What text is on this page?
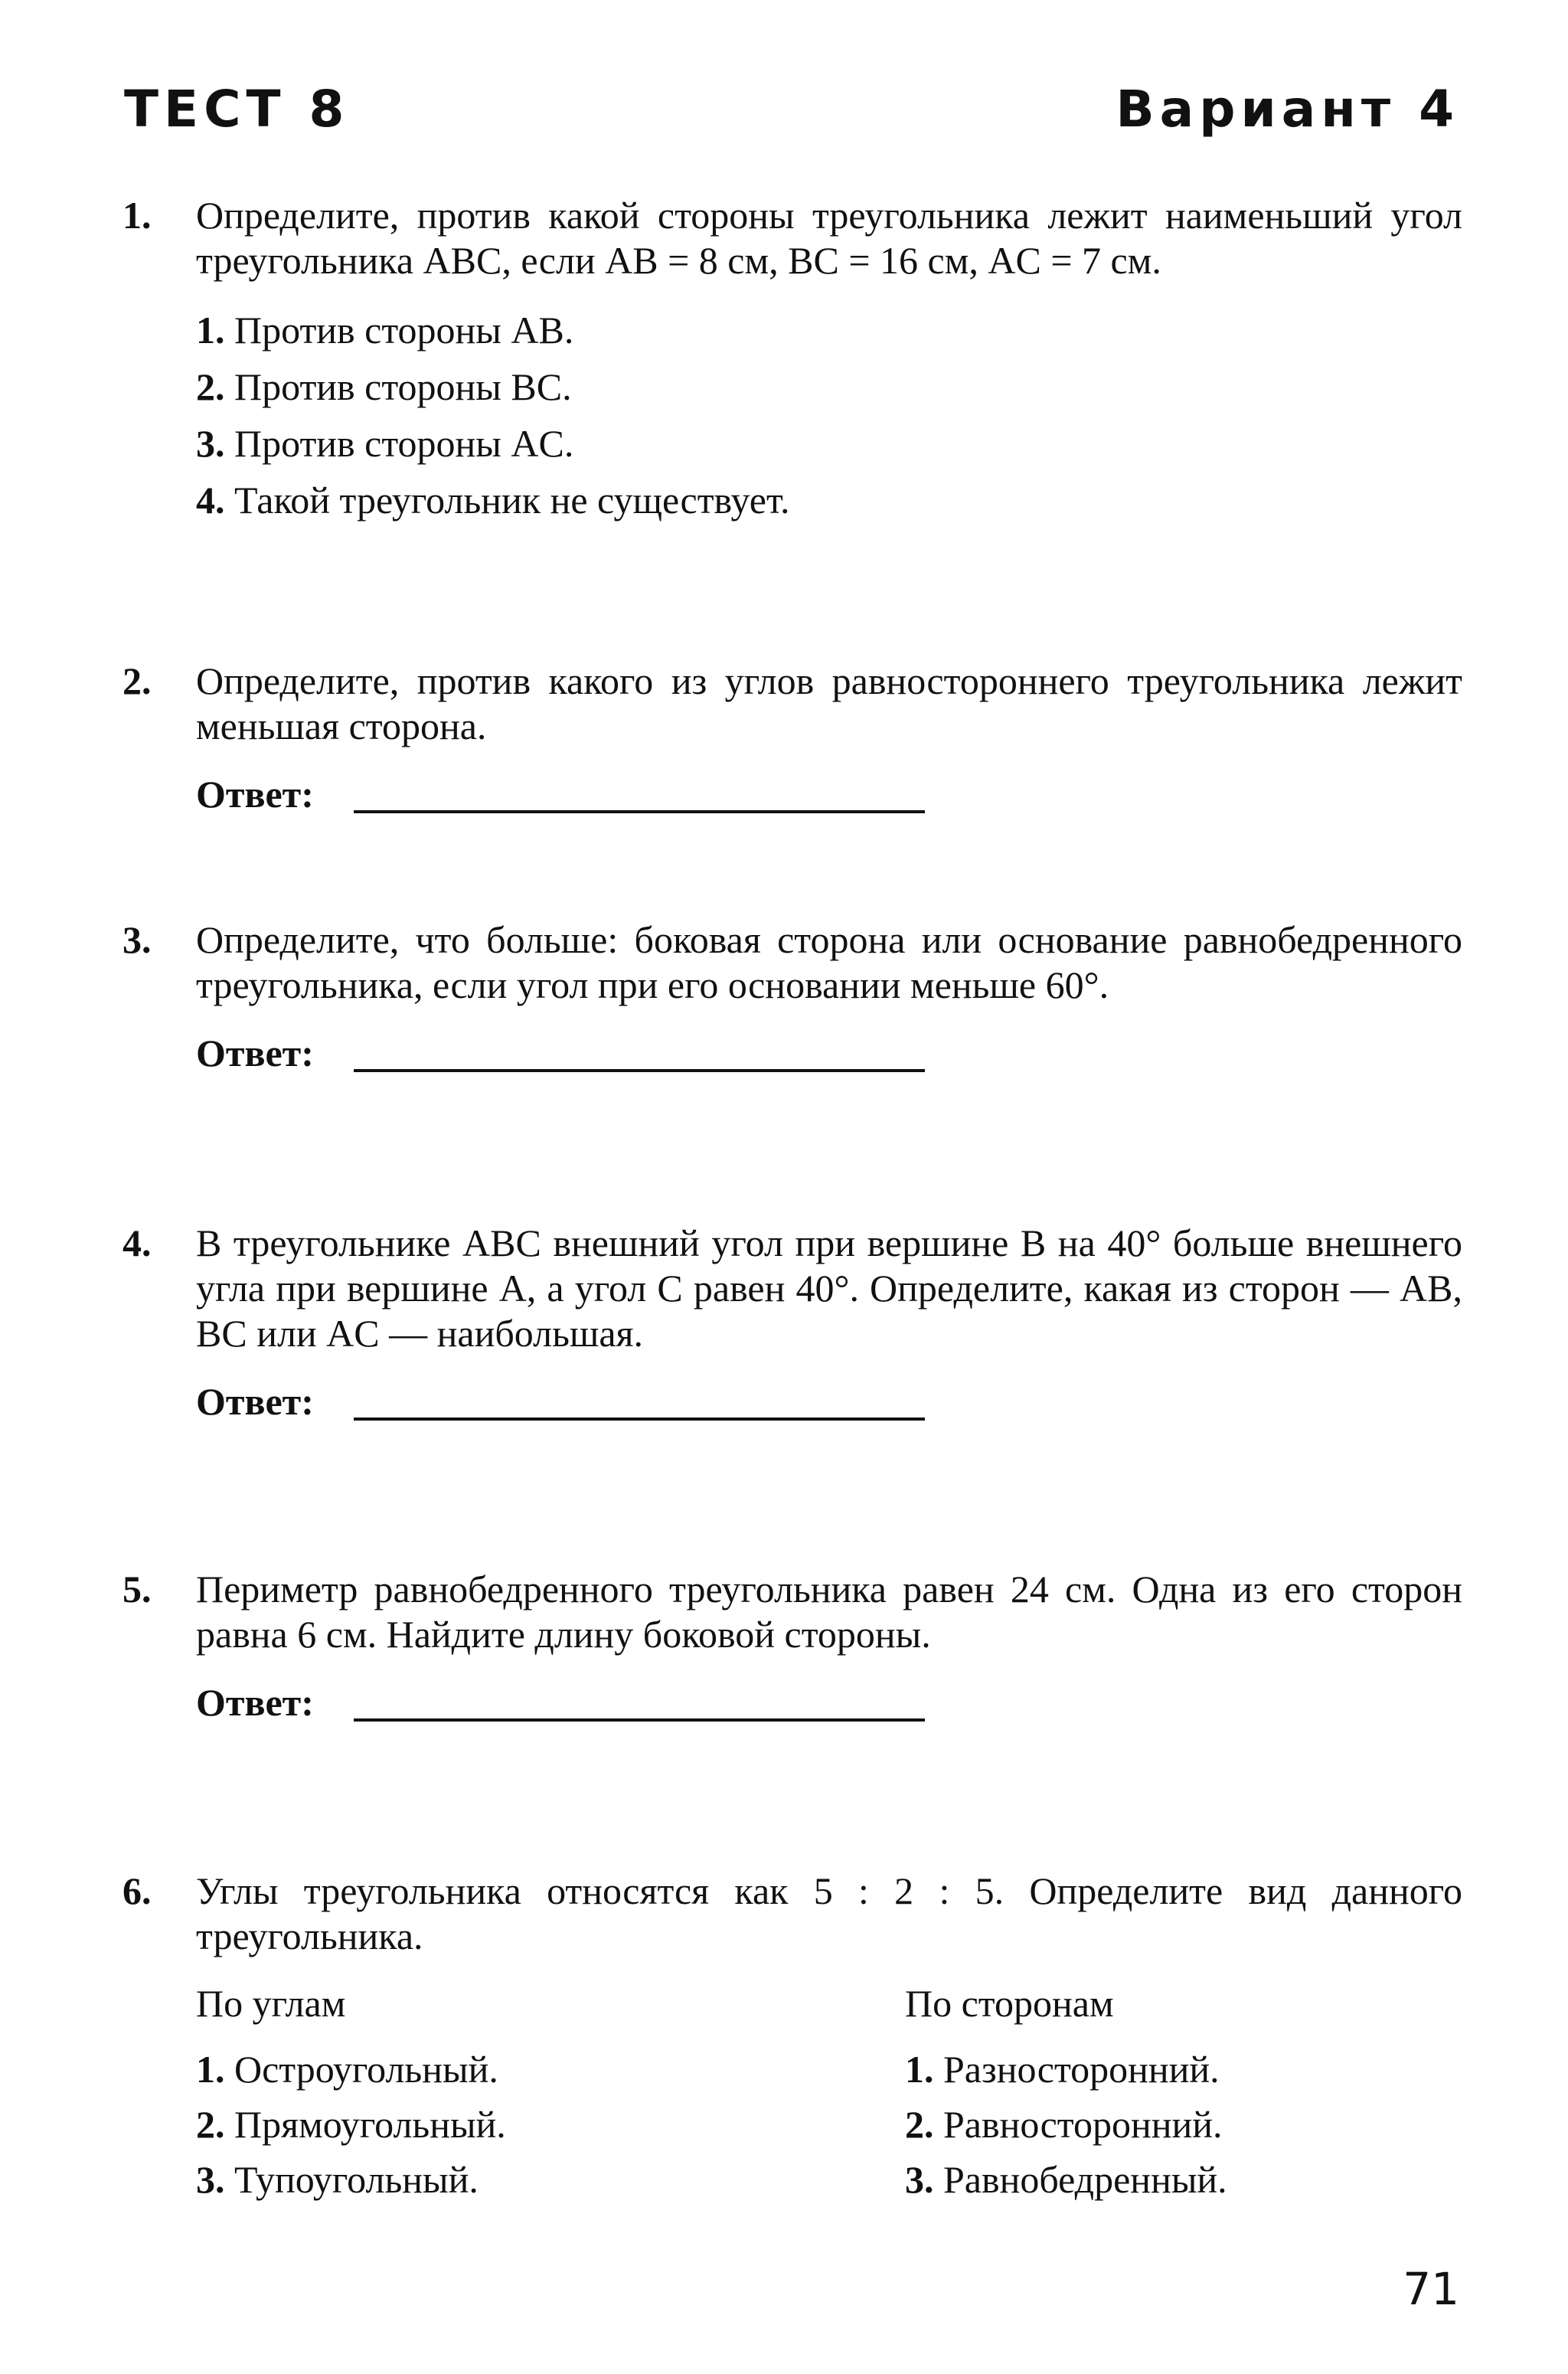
ТЕСТ 8	Вариант 4
1. Определите, против какой стороны треугольника лежит наименьший угол треугольника ABC, если AB = 8 см, BC = 16 см, AC = 7 см.
1. Против стороны AB.
2. Против стороны BC.
3. Против стороны AC.
4. Такой треугольник не существует.
2. Определите, против какого из углов равностороннего треугольника лежит меньшая сторона.
Ответ:
3. Определите, что больше: боковая сторона или основание равнобедренного треугольника, если угол при его основании меньше 60°.
Ответ:
4. В треугольнике ABC внешний угол при вершине B на 40° больше внешнего угла при вершине A, а угол C равен 40°. Определите, какая из сторон — AB, BC или AC — наибольшая.
Ответ:
5. Периметр равнобедренного треугольника равен 24 см. Одна из его сторон равна 6 см. Найдите длину боковой стороны.
Ответ:
6. Углы треугольника относятся как 5 : 2 : 5. Определите вид данного треугольника.
По углам
1. Остроугольный.
2. Прямоугольный.
3. Тупоугольный.
По сторонам
1. Разносторонний.
2. Равносторонний.
3. Равнобедренный.
71
